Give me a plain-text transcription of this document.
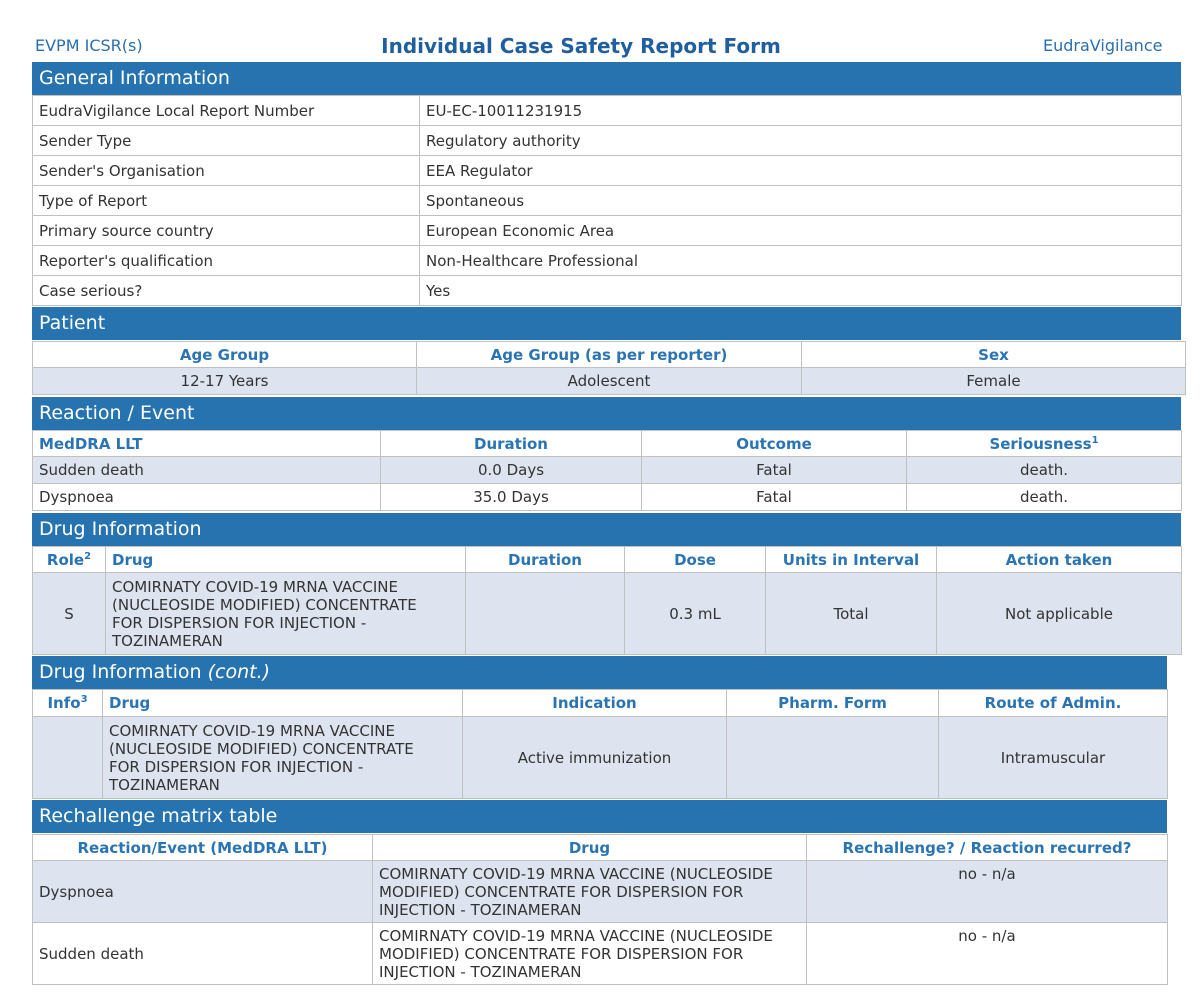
EVPM ICSR(s)	Individual Case Safety Report Form	EudraVigilance
General Information
EudraVigilance Local Report Number	EU-EC-10011231915
Sender Type	Regulatory authority
Sender's Organisation	EEA Regulator
Type of Report	Spontaneous
Primary source country	European Economic Area
Reporter's qualification	Non-Healthcare Professional
Case serious?	Yes
Patient
Age Group	Age Group (as per reporter)	Sex
12-17 Years	Adolescent	Female
Reaction / Event
MedDRA LLT	Duration	Outcome	Seriousness$^1$
Sudden death	0.0 Days	Fatal	death.
Dyspnoea	35.0 Days	Fatal	death.
Drug Information
Role$^2$	Drug	Duration	Dose	Units in Interval	Action taken
S	COMIRNATY COVID-19 MRNA VACCINE
(NUCLEOSIDE MODIFIED) CONCENTRATE
FOR DISPERSION FOR INJECTION -
TOZINAMERAN		0.3 mL	Total	Not applicable
Drug Information (cont.)
Info$^3$	Drug	Indication	Pharm. Form	Route of Admin.
	COMIRNATY COVID-19 MRNA VACCINE
(NUCLEOSIDE MODIFIED) CONCENTRATE
FOR DISPERSION FOR INJECTION -
TOZINAMERAN	Active immunization		Intramuscular
Rechallenge matrix table
Reaction/Event (MedDRA LLT)	Drug	Rechallenge? / Reaction recurred?
Dyspnoea	COMIRNATY COVID-19 MRNA VACCINE (NUCLEOSIDE
MODIFIED) CONCENTRATE FOR DISPERSION FOR
INJECTION - TOZINAMERAN	no - n/a
Sudden death	COMIRNATY COVID-19 MRNA VACCINE (NUCLEOSIDE
MODIFIED) CONCENTRATE FOR DISPERSION FOR
INJECTION - TOZINAMERAN	no - n/a
